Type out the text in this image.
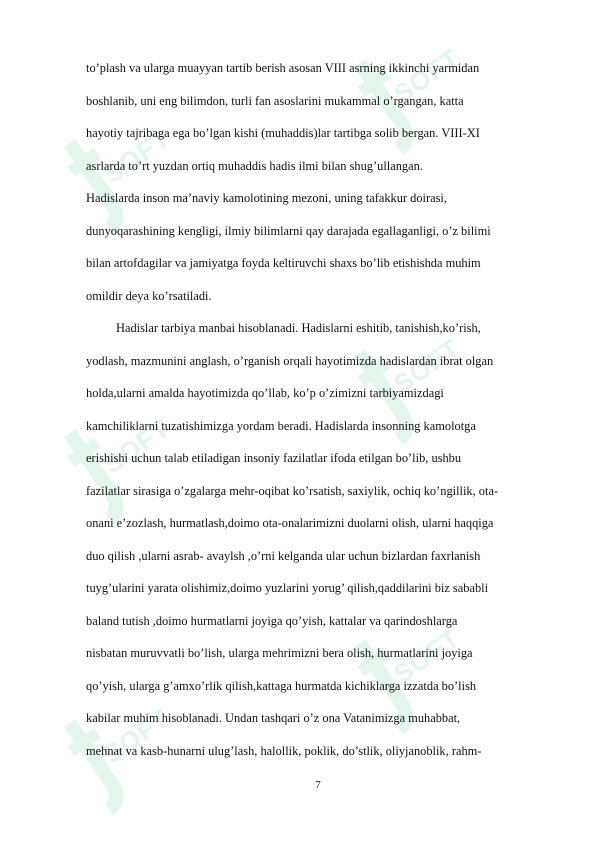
SOFT
SOFT
SOFT
SOFT
SOFT
SOFT
to’plash va ularga muayyan tartib berish asosan VIII asrning ikkinchi yarmidan
boshlanib, uni eng bilimdon, turli fan asoslarini mukammal o’rgangan, katta
hayotiy tajribaga ega bo’lgan kishi (muhaddis)lar tartibga solib bergan. VIII-XI
asrlarda to’rt yuzdan ortiq muhaddis hadis ilmi bilan shug’ullangan.
Hadislarda inson ma’naviy kamolotining mezoni, uning tafakkur doirasi,
dunyoqarashining kengligi, ilmiy bilimlarni qay darajada egallaganligi, o’z bilimi
bilan artofdagilar va jamiyatga foyda keltiruvchi shaxs bo’lib etishishda muhim
omildir deya ko’rsatiladi.
Hadislar tarbiya manbai hisoblanadi. Hadislarni eshitib, tanishish,ko’rish,
yodlash, mazmunini anglash, o’rganish orqali hayotimizda hadislardan ibrat olgan
holda,ularni amalda hayotimizda qo’llab, ko’p o’zimizni tarbiyamizdagi
kamchiliklarni tuzatishimizga yordam beradi. Hadislarda insonning kamolotga
erishishi uchun talab etiladigan insoniy fazilatlar ifoda etilgan bo’lib, ushbu
fazilatlar sirasiga o’zgalarga mehr-oqibat ko’rsatish, saxiylik, ochiq ko’ngillik, ota-
onani e’zozlash, hurmatlash,doimo ota-onalarimizni duolarni olish, ularni haqqiga
duo qilish ,ularni asrab- avaylsh ,o’rni kelganda ular uchun bizlardan faxrlanish
tuyg’ularini yarata olishimiz,doimo yuzlarini yorug’ qilish,qaddilarini biz sababli
baland tutish ,doimo hurmatlarni joyiga qo’yish, kattalar va qarindoshlarga
nisbatan muruvvatli bo’lish, ularga mehrimizni bera olish, hurmatlarini joyiga
qo’yish, ularga g’amxo’rlik qilish,kattaga hurmatda kichiklarga izzatda bo’lish
kabilar muhim hisoblanadi. Undan tashqari o’z ona Vatanimizga muhabbat,
mehnat va kasb-hunarni ulug’lash, halollik, poklik, do’stlik, oliyjanoblik, rahm-
7
